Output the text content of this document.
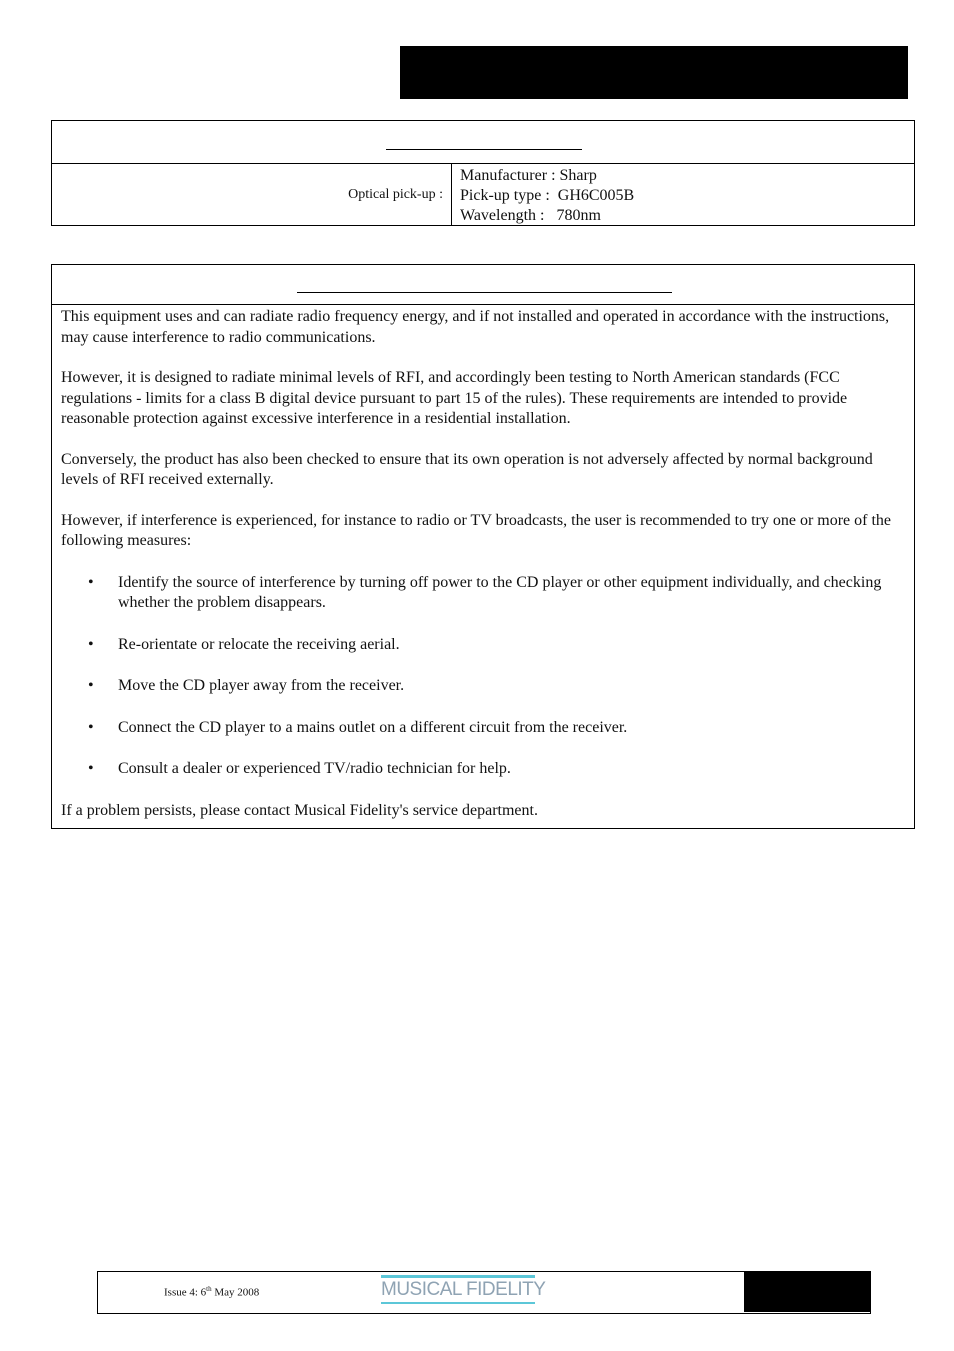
Optical pick-up :
Manufacturer : Sharp
Pick-up type :  GH6C005B
Wavelength :   780nm

This equipment uses and can radiate radio frequency energy, and if not installed and operated in accordance with the instructions, may cause interference to radio communications.

However, it is designed to radiate minimal levels of RFI, and accordingly been testing to North American standards (FCC regulations - limits for a class B digital device pursuant to part 15 of the rules). These requirements are intended to provide reasonable protection against excessive interference in a residential installation.

Conversely, the product has also been checked to ensure that its own operation is not adversely affected by normal background levels of RFI received externally.

However, if interference is experienced, for instance to radio or TV broadcasts, the user is recommended to try one or more of the following measures:

• Identify the source of interference by turning off power to the CD player or other equipment individually, and checking whether the problem disappears.
• Re-orientate or relocate the receiving aerial.
• Move the CD player away from the receiver.
• Connect the CD player to a mains outlet on a different circuit from the receiver.
• Consult a dealer or experienced TV/radio technician for help.

If a problem persists, please contact Musical Fidelity's service department.

Issue 4: 6th May 2008	MUSICAL FIDELITY
